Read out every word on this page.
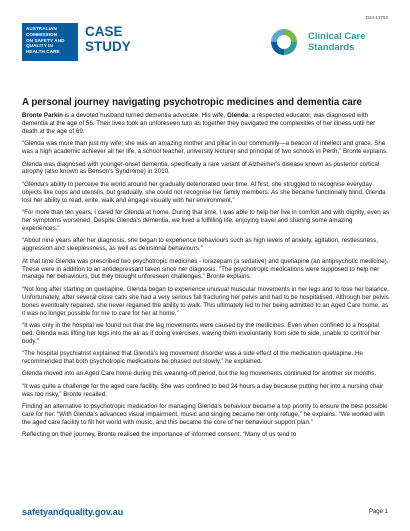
D24-13752
AUSTRALIAN
COMMISSION
ON SAFETY AND
QUALITY IN
HEALTH CARE
CASE
STUDY
Clinical Care
Standards
A personal journey navigating psychotropic medicines and dementia care

Bronte Parkin is a devoted husband turned dementia advocate. His wife, Glenda, a respected educator, was diagnosed with dementia at the age of 56. Their lives took an unforeseen turn as together they navigated the complexities of her illness until her death at the age of 69.

“Glenda was more than just my wife; she was an amazing mother and pillar in our community—a beacon of intellect and grace. She was a high academic achiever all her life, a school teacher, university lecturer and principal of two schools in Perth,” Bronte explains.

Glenda was diagnosed with younger-onset dementia, specifically a rare variant of Alzheimer's disease known as posterior cortical atrophy (also known as Benson's Syndrome) in 2010.

“Glenda's ability to perceive the world around her gradually deteriorated over time. At first, she struggled to recognise everyday objects like cups and utensils, but gradually, she could not recognise her family members. As she became functionally blind, Glenda lost her ability to read, write, walk and engage visually with her environment,”

“For more than ten years, I cared for Glenda at home. During that time, I was able to help her live in comfort and with dignity, even as her symptoms worsened. Despite Glenda's dementia, we lived a fulfilling life, enjoying travel and sharing some amazing experiences.”

“About nine years after her diagnosis, she began to experience behaviours such as high levels of anxiety, agitation, restlessness, aggression and sleeplessness, as well as delusional behaviours.”

At that time Glenda was prescribed two psychotropic medicines - lorazepam (a sedative) and quetiapine (an antipsychotic medicine). These were in addition to an antidepressant taken since her diagnosis. “The psychotropic medications were supposed to help her manage her behaviours, but they brought unforeseen challenges,” Bronte explains.

“Not long after starting on quetiapine, Glenda began to experience unusual muscular movements in her legs and to lose her balance. Unfortunately, after several close calls she had a very serious fall fracturing her pelvis and had to be hospitalised. Although her pelvis bones eventually repaired, she never regained the ability to walk. This ultimately led to her being admitted to an Aged Care home, as it was no longer possible for me to care for her at home.”

“It was only in the hospital we found out that the leg movements were caused by the medicines. Even when confined to a hospital bed, Glenda was lifting her legs into the air as if doing exercises, waving them involuntarily from side to side, unable to control her body.”

“The hospital psychiatrist explained that Glenda's leg movement disorder was a side effect of the medication quetiapine. He recommended that both psychotropic medications be phased out slowly,” he explained.

Glenda moved into an Aged Care home during this weaning-off period, but the leg movements continued for another six months.

“It was quite a challenge for the aged care facility. She was confined to bed 24 hours a day because putting her into a nursing chair was too risky,” Bronte recalled.

Finding an alternative to psychotropic medication for managing Glenda's behaviour became a top priority to ensure the best possible care for her. “With Glenda's advanced visual impairment, music and singing became her only refuge,” he explains. “We worked with the aged care facility to fill her world with music, and this became the core of her behaviour support plan.”

Reflecting on their journey, Bronte realised the importance of informed consent. “Many of us tend to

safetyandquality.gov.au	Page 1
